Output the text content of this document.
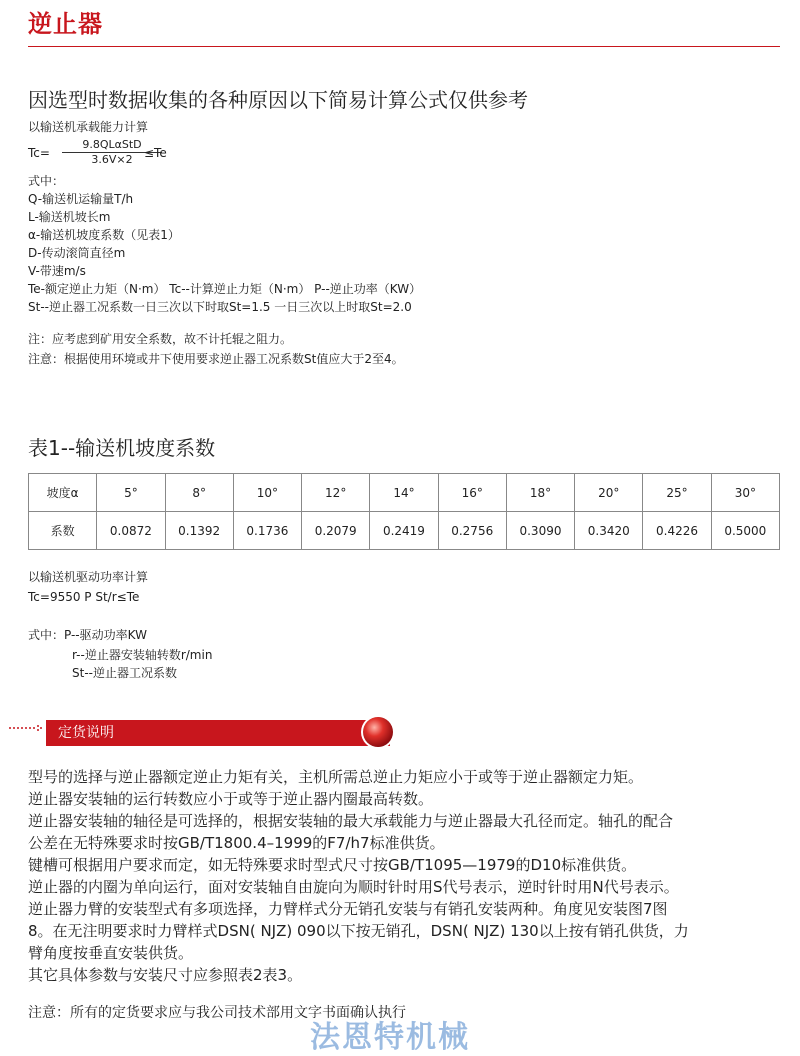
逆止器
因选型时数据收集的各种原因以下简易计算公式仅供参考
以输送机承载能力计算
Tc=
9.8QLαStD
3.6V×2 ≤Te
式中：
Q-输送机运输量T/h
L-输送机坡长m
α-输送机坡度系数（见表1）
D-传动滚筒直径m
V-带速m/s
Te-额定逆止力矩（N·m） Tc--计算逆止力矩（N·m） P--逆止功率（KW）
St--逆止器工况系数一日三次以下时取St=1.5 一日三次以上时取St=2.0
注：应考虑到矿用安全系数，故不计托辊之阻力。
注意：根据使用环境或井下使用要求逆止器工况系数St值应大于2至4。
表1--输送机坡度系数
坡度α	5°	8°	10°	12°	14°	16°	18°	20°	25°	30°
系数	0.0872	0.1392	0.1736	0.2079	0.2419	0.2756	0.3090	0.3420	0.4226	0.5000
以输送机驱动功率计算
Tc=9550 P St/r≤Te
式中：P--驱动功率KW
r--逆止器安装轴转数r/min
St--逆止器工况系数
定货说明
型号的选择与逆止器额定逆止力矩有关，主机所需总逆止力矩应小于或等于逆止器额定力矩。
逆止器安装轴的运行转数应小于或等于逆止器内圈最高转数。
逆止器安装轴的轴径是可选择的，根据安装轴的最大承载能力与逆止器最大孔径而定。轴孔的配合
公差在无特殊要求时按GB/T1800.4–1999的F7/h7标准供货。
键槽可根据用户要求而定，如无特殊要求时型式尺寸按GB/T1095—1979的D10标准供货。
逆止器的内圈为单向运行，面对安装轴自由旋向为顺时针时用S代号表示，逆时针时用N代号表示。
逆止器力臂的安装型式有多项选择，力臂样式分无销孔安装与有销孔安装两种。角度见安装图7图
8。在无注明要求时力臂样式DSN( NJZ) 090以下按无销孔，DSN( NJZ) 130以上按有销孔供货，力
臂角度按垂直安装供货。
其它具体参数与安装尺寸应参照表2表3。
注意：所有的定货要求应与我公司技术部用文字书面确认执行
法恩特机械
